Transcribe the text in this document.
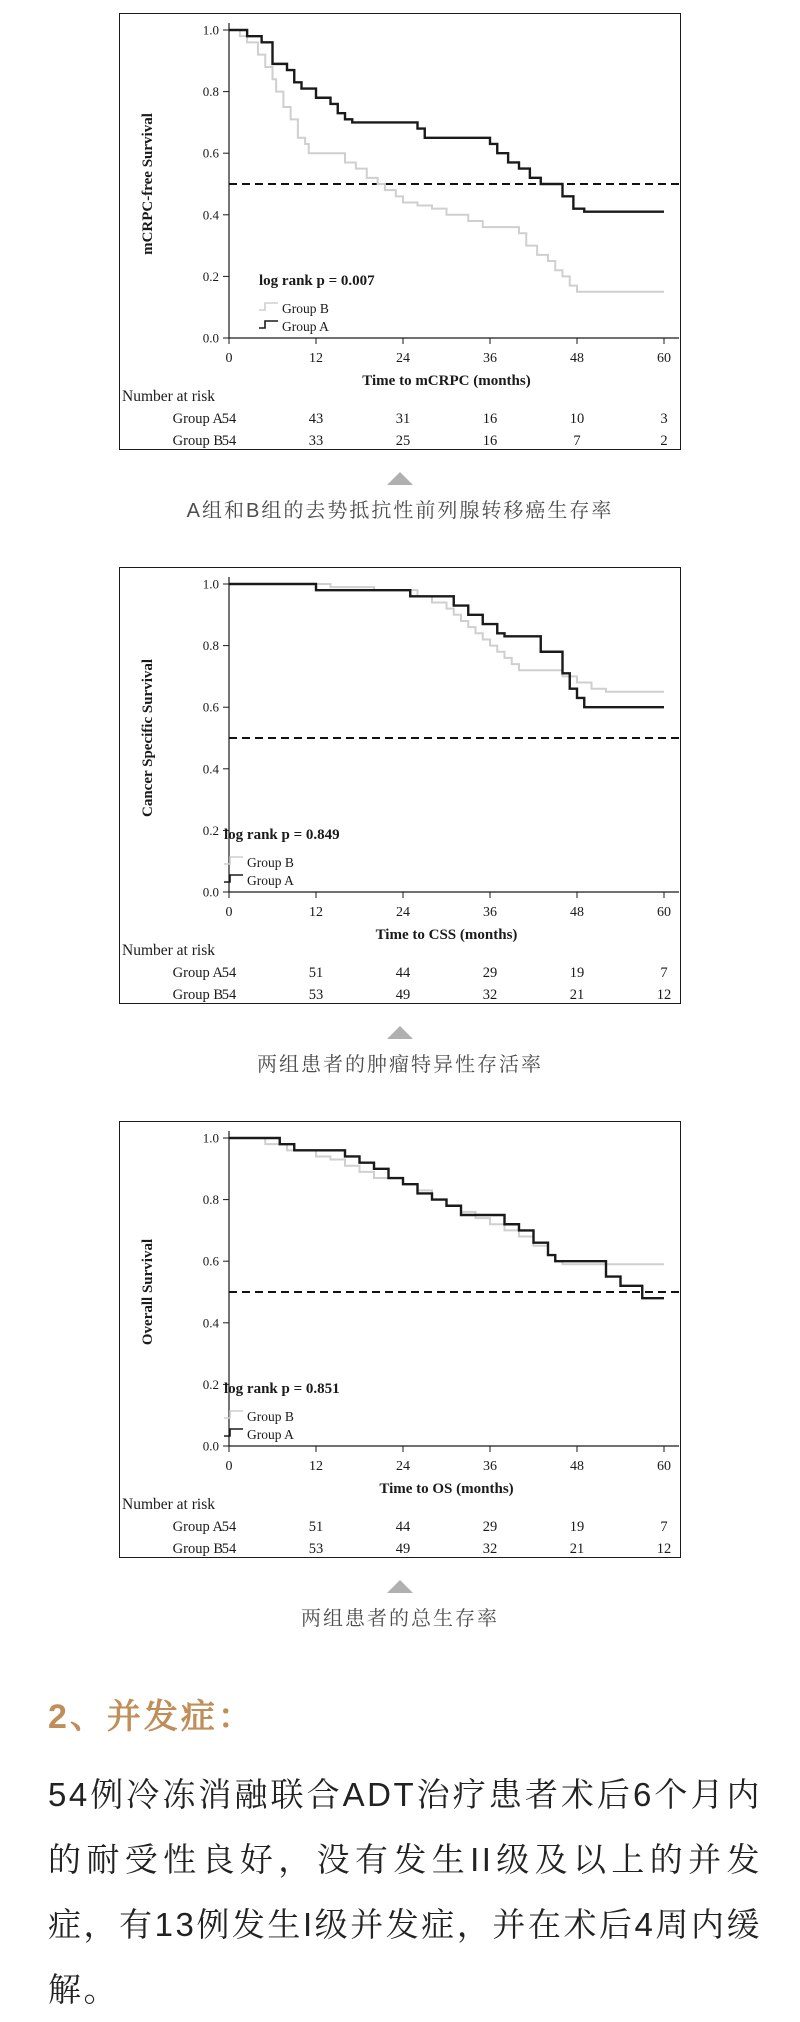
0.0
0.2
0.4
0.6
0.8
1.0
0	12	24	36	48	60
log rank p = 0.007
Group B
Group A
Time to mCRPC (months)
mCRPC-free Survival
Number at risk
Group A
54	43	31	16	10	3
Group B
54	33	25	16	7	2
A组和B组的去势抵抗性前列腺转移癌生存率
0.0
0.2
0.4
0.6
0.8
1.0
0	12	24	36	48	60
log rank p = 0.849
Group B
Group A
Time to CSS (months)
Cancer Specific Survival
Number at risk
Group A
54	51	44	29	19	7
Group B
54	53	49	32	21	12
两组患者的肿瘤特异性存活率
0.0
0.2
0.4
0.6
0.8
1.0
0	12	24	36	48	60
log rank p = 0.851
Group B
Group A
Time to OS (months)
Overall Survival
Number at risk
Group A
54	51	44	29	19	7
Group B
54	53	49	32	21	12
两组患者的总生存率
2、并发症：

54例冷冻消融联合ADT治疗患者术后6个月内的耐受性良好，没有发生II级及以上的并发症，有13例发生I级并发症，并在术后4周内缓解。
